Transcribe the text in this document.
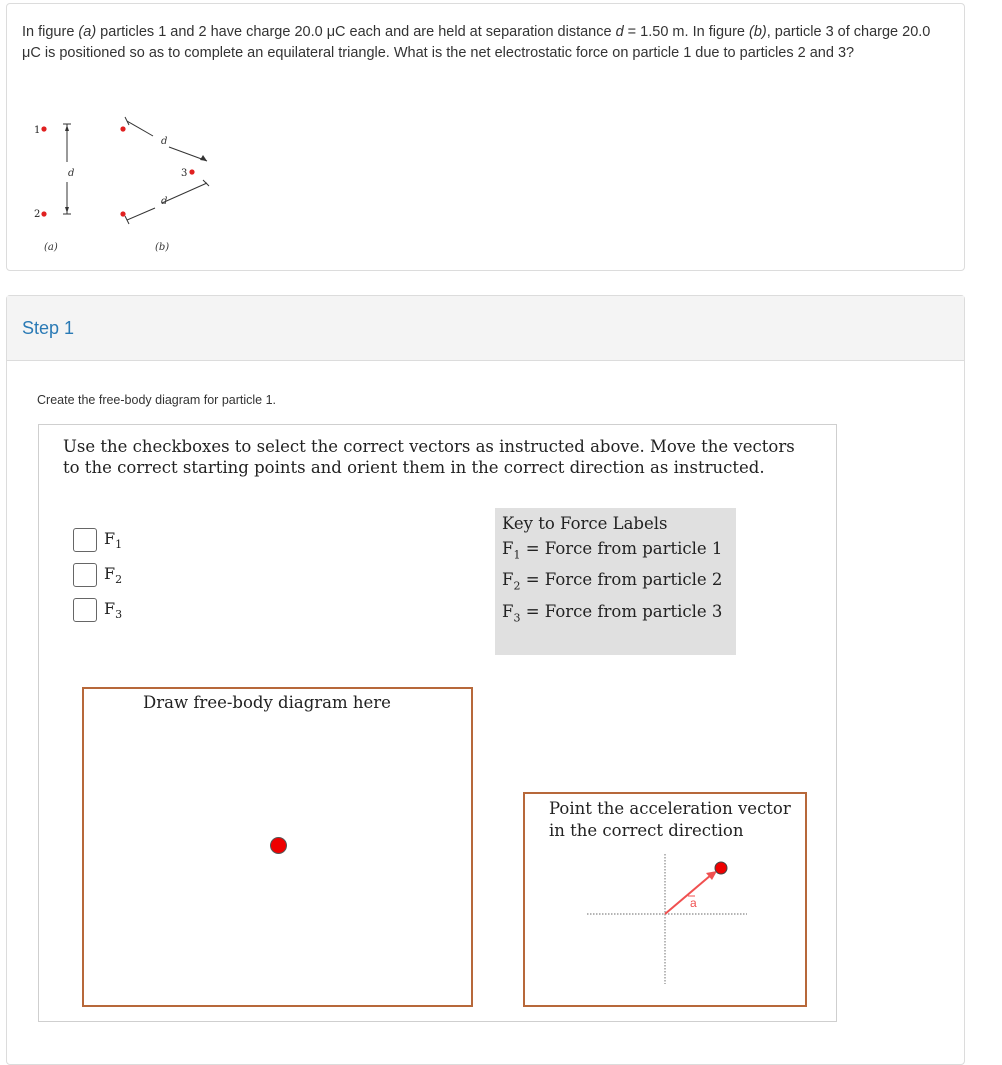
In figure (a) particles 1 and 2 have charge 20.0 μC each and are held at separation distance d = 1.50 m. In figure (b), particle 3 of charge 20.0 μC is positioned so as to complete an equilateral triangle. What is the net electrostatic force on particle 1 due to particles 2 and 3?
1
d
2
(a)
d
3
d
(b)
Step 1
Create the free-body diagram for particle 1.
Use the checkboxes to select the correct vectors as instructed above. Move the vectors to the correct starting points and orient them in the correct direction as instructed.
$F_1$
$F_2$
$F_3$
Key to Force Labels
$F_1$ = Force from particle 1
$F_2$ = Force from particle 2
$F_3$ = Force from particle 3
Draw free-body diagram here
Point the acceleration vector
in the correct direction
a
